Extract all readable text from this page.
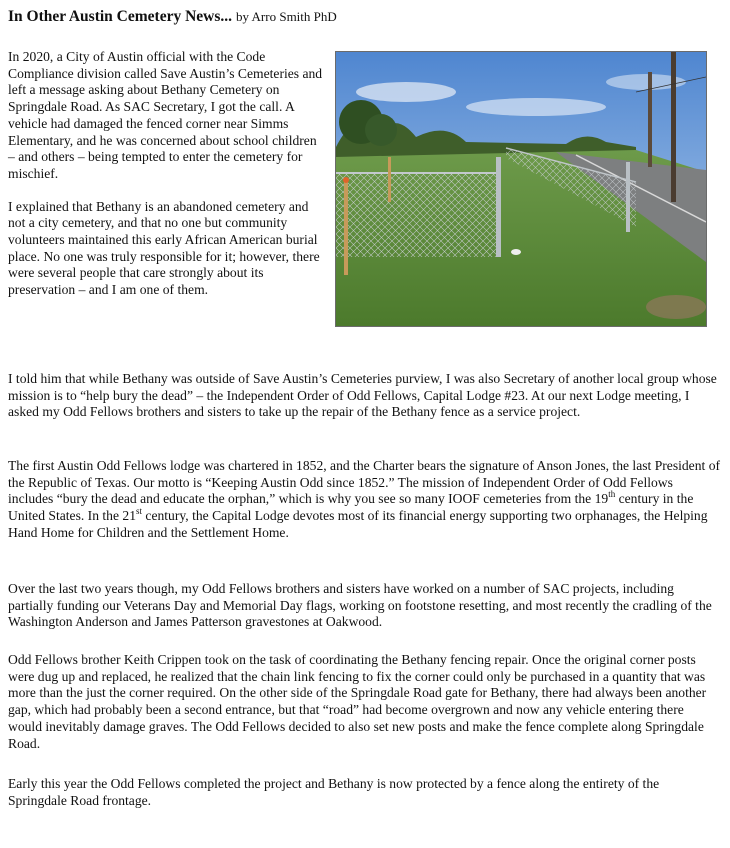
In Other Austin Cemetery News... by Arro Smith PhD

In 2020, a City of Austin official with the Code Compliance division called Save Austin’s Cemeteries and left a message asking about Bethany Cemetery on Springdale Road. As SAC Secretary, I got the call. A vehicle had damaged the fenced corner near Simms Elementary, and he was concerned about school children – and others – being tempted to enter the cemetery for mischief.

I explained that Bethany is an abandoned cemetery and not a city cemetery, and that no one but community volunteers maintained this early African American burial place. No one was truly responsible for it; however, there were several people that care strongly about its preservation – and I am one of them.

I told him that while Bethany was outside of Save Austin’s Cemeteries purview, I was also Secretary of another local group whose mission is to “help bury the dead” – the Independent Order of Odd Fellows, Capital Lodge #23. At our next Lodge meeting, I asked my Odd Fellows brothers and sisters to take up the repair of the Bethany fence as a service project.

The first Austin Odd Fellows lodge was chartered in 1852, and the Charter bears the signature of Anson Jones, the last President of the Republic of Texas. Our motto is “Keeping Austin Odd since 1852.” The mission of Independent Order of Odd Fellows includes “bury the dead and educate the orphan,” which is why you see so many IOOF cemeteries from the 19th century in the United States. In the 21st century, the Capital Lodge devotes most of its financial energy supporting two orphanages, the Helping Hand Home for Children and the Settlement Home.

Over the last two years though, my Odd Fellows brothers and sisters have worked on a number of SAC projects, including partially funding our Veterans Day and Memorial Day flags, working on footstone resetting, and most recently the cradling of the Washington Anderson and James Patterson gravestones at Oakwood.

Odd Fellows brother Keith Crippen took on the task of coordinating the Bethany fencing repair. Once the original corner posts were dug up and replaced, he realized that the chain link fencing to fix the corner could only be purchased in a quantity that was more than the just the corner required. On the other side of the Springdale Road gate for Bethany, there had always been another gap, which had probably been a second entrance, but that “road” had become overgrown and now any vehicle entering there would inevitably damage graves. The Odd Fellows decided to also set new posts and make the fence complete along Springdale Road.

Early this year the Odd Fellows completed the project and Bethany is now protected by a fence along the entirety of the Springdale Road frontage.
